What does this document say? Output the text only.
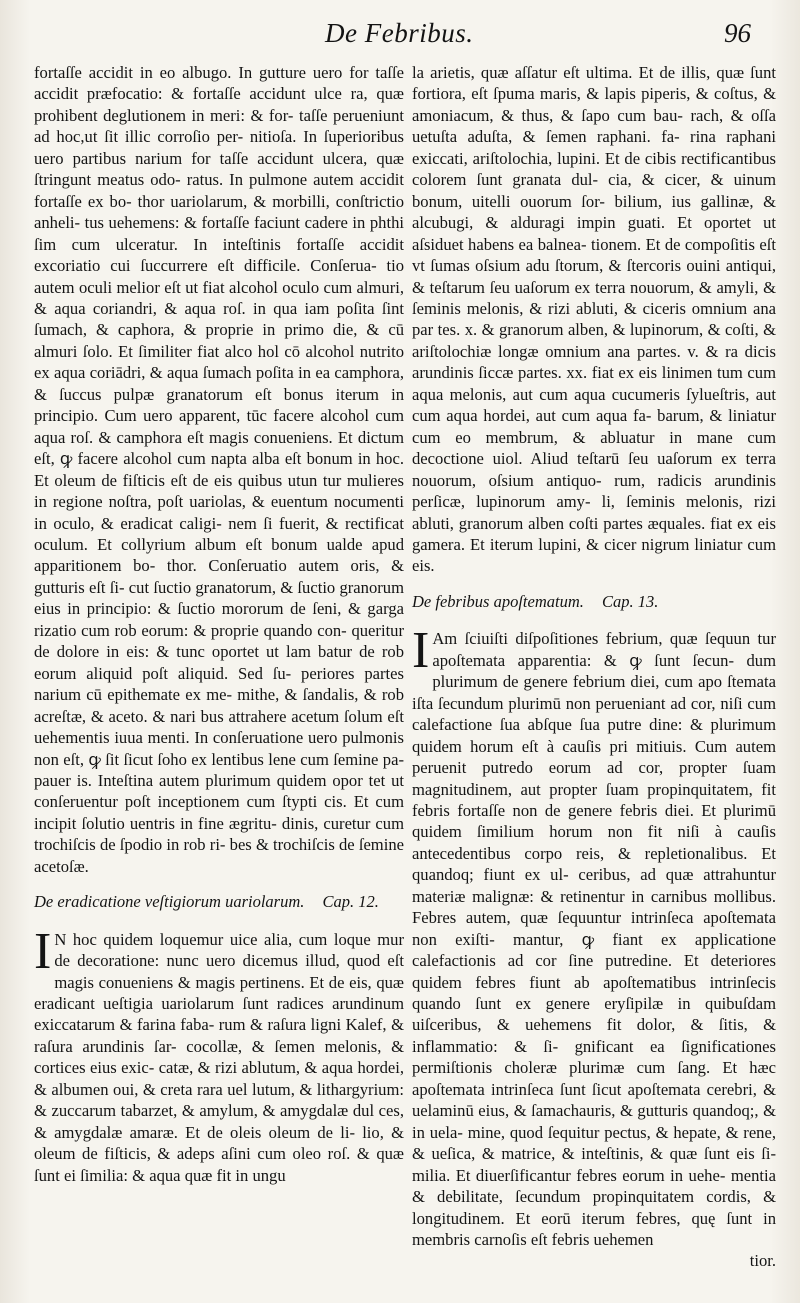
De Febribus.	96

fortaſſe accidit in eo albugo. In gutture uero for taſſe accidit præfocatio: & fortaſſe accidunt ulce ra, quæ prohibent deglutionem in meri: & for- taſſe perueniunt ad hoc,ut ſit illic corroſio per- nitioſa. In ſuperioribus uero partibus narium for taſſe accidunt ulcera, quæ ſtringunt meatus odo- ratus. In pulmone autem accidit fortaſſe ex bo- thor uariolarum, & morbilli, conſtrictio anheli- tus uehemens: & fortaſſe faciunt cadere in phthi ſim cum ulceratur. In inteſtinis fortaſſe accidit excoriatio cui ſuccurrere eſt difficile. Conſerua- tio autem oculi melior eſt ut fiat alcohol oculo cum almuri, & aqua coriandri, & aqua roſ. in qua iam poſita ſint ſumach, & caphora, & proprie in primo die, & cū almuri ſolo. Et ſimiliter fiat alco hol cō alcohol nutrito ex aqua coriādri, & aqua ſumach poſita in ea camphora, & ſuccus pulpæ granatorum eſt bonus iterum in principio. Cum uero apparent, tūc facere alcohol cum aqua roſ. & camphora eſt magis conueniens. Et dictum eſt, ꝙ facere alcohol cum napta alba eſt bonum in hoc. Et oleum de fiſticis eſt de eis quibus utun tur mulieres in regione noſtra, poſt uariolas, & euentum nocumenti in oculo, & eradicat caligi- nem ſi fuerit, & rectificat oculum. Et collyrium album eſt bonum ualde apud apparitionem bo- thor. Conſeruatio autem oris, & gutturis eſt ſi- cut ſuctio granatorum, & ſuctio granorum eius in principio: & ſuctio mororum de ſeni, & garga rizatio cum rob eorum: & proprie quando con- queritur de dolore in eis: & tunc oportet ut lam batur de rob eorum aliquid poſt aliquid. Sed ſu- periores partes narium cū epithemate ex me- mithe, & ſandalis, & rob acreſtæ, & aceto. & nari bus attrahere acetum ſolum eſt uehementis iuua menti. In conſeruatione uero pulmonis non eſt, ꝙ ſit ſicut ſoho ex lentibus lene cum ſemine pa- pauer is. Inteſtina autem plurimum quidem opor tet ut conſeruentur poſt inceptionem cum ſtypti cis. Et cum incipit ſolutio uentris in fine ægritu- dinis, curetur cum trochiſcis de ſpodio in rob ri- bes & trochiſcis de ſemine acetoſæ.

De eradicatione veſtigiorum uariolarum. Cap. 12.

I N hoc quidem loquemur uice alia, cum loque mur de decoratione: nunc uero dicemus illud, quod eſt magis conueniens & magis pertinens. Et de eis, quæ eradicant ueſtigia uariolarum ſunt radices arundinum exiccatarum & farina faba- rum & raſura ligni Kalef, & raſura arundinis ſar- cocollæ, & ſemen melonis, & cortices eius exic- catæ, & rizi ablutum, & aqua hordei, & albumen oui, & creta rara uel lutum, & lithargyrium: & zuccarum tabarzet, & amylum, & amygdalæ dul ces, & amygdalæ amaræ. Et de oleis oleum de li- lio, & oleum de fiſticis, & adeps aſini cum oleo roſ. & quæ ſunt ei ſimilia: & aqua quæ fit in ungu

la arietis, quæ aſſatur eſt ultima. Et de illis, quæ ſunt fortiora, eſt ſpuma maris, & lapis piperis, & coſtus, & amoniacum, & thus, & ſapo cum bau- rach, & oſſa uetuſta aduſta, & ſemen raphani. fa- rina raphani exiccati, ariſtolochia, lupini. Et de cibis rectificantibus colorem ſunt granata dul- cia, & cicer, & uinum bonum, uitelli ouorum ſor- bilium, ius gallinæ, & alcubugi, & alduragi impin guati. Et oportet ut aſsiduet habens ea balnea- tionem. Et de compoſitis eſt vt ſumas oſsium adu ſtorum, & ſtercoris ouini antiqui, & teſtarum ſeu uaſorum ex terra nouorum, & amyli, & ſeminis melonis, & rizi abluti, & ciceris omnium ana par tes. x. & granorum alben, & lupinorum, & coſti, & ariſtolochiæ longæ omnium ana partes. v. & ra dicis arundinis ſiccæ partes. xx. fiat ex eis linimen tum cum aqua melonis, aut cum aqua cucumeris ſylueſtris, aut cum aqua hordei, aut cum aqua fa- barum, & liniatur cum eo membrum, & abluatur in mane cum decoctione uiol. Aliud teſtarū ſeu uaſorum ex terra nouorum, oſsium antiquo- rum, radicis arundinis perſicæ, lupinorum amy- li, ſeminis melonis, rizi abluti, granorum alben coſti partes æquales. fiat ex eis gamera. Et iterum lupini, & cicer nigrum liniatur cum eis.

De febribus apoſtematum. Cap. 13.

I Am ſciuiſti diſpoſitiones febrium, quæ ſequun tur apoſtemata apparentia: & ꝙ ſunt ſecun- dum plurimum de genere febrium diei, cum apo ſtemata iſta ſecundum plurimū non perueniant ad cor, niſi cum calefactione ſua abſque ſua putre dine: & plurimum quidem horum eſt à cauſis pri mitiuis. Cum autem peruenit putredo eorum ad cor, propter ſuam magnitudinem, aut propter ſuam propinquitatem, fit febris fortaſſe non de genere febris diei. Et plurimū quidem ſimilium horum non fit niſi à cauſis antecedentibus corpo reis, & repletionalibus. Et quandoq; fiunt ex ul- ceribus, ad quæ attrahuntur materiæ malignæ: & retinentur in carnibus mollibus. Febres autem, quæ ſequuntur intrinſeca apoſtemata non exiſti- mantur, ꝙ fiant ex applicatione calefactionis ad cor ſine putredine. Et deteriores quidem febres fiunt ab apoſtematibus intrinſecis quando ſunt ex genere eryſipilæ in quibuſdam uiſceribus, & uehemens fit dolor, & ſitis, & inflammatio: & ſi- gnificant ea ſignificationes permiſtionis choleræ plurimæ cum ſang. Et hæc apoſtemata intrinſeca ſunt ſicut apoſtemata cerebri, & uelaminū eius, & ſamachauris, & gutturis quandoq;, & in uela- mine, quod ſequitur pectus, & hepate, & rene, & ueſica, & matrice, & inteſtinis, & quæ ſunt eis ſi- milia. Et diuerſificantur febres eorum in uehe- mentia & debilitate, ſecundum propinquitatem cordis, & longitudinem. Et eorū iterum febres, quę ſunt in membris carnoſis eſt febris uehemen

tior.
